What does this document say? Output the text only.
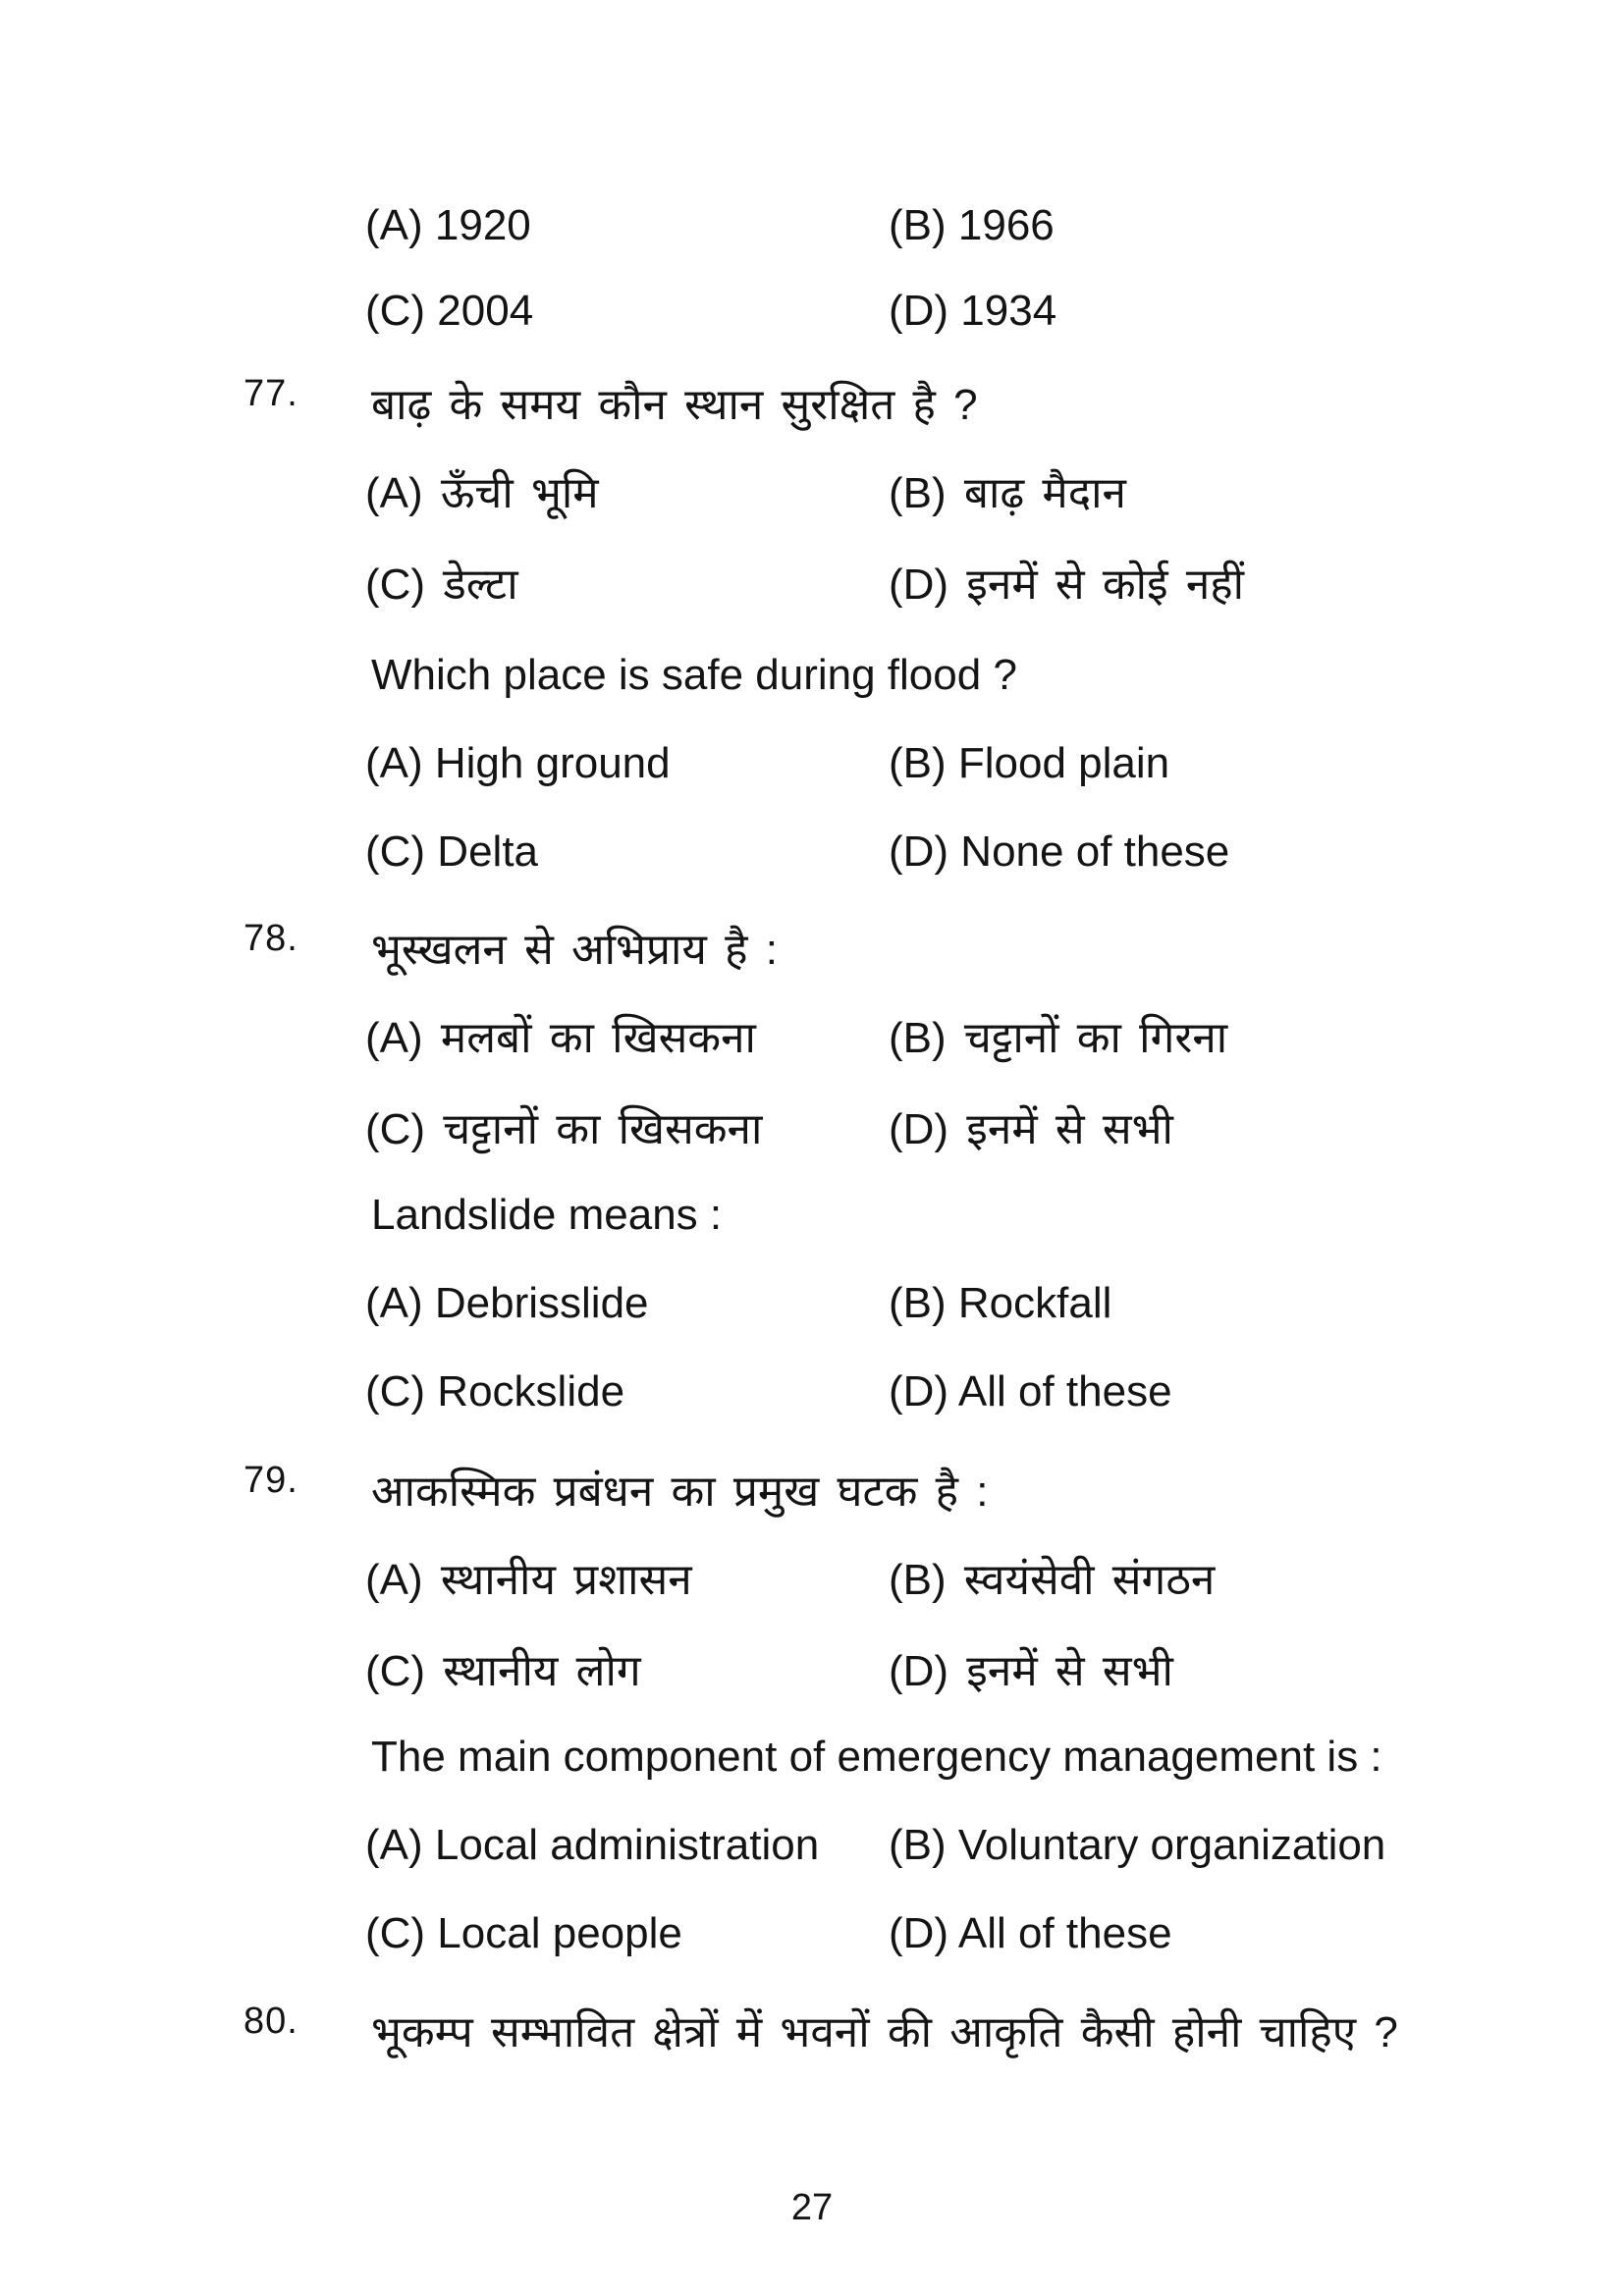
(A) 1920	(B) 1966
(C) 2004	(D) 1934
77. बाढ़ के समय कौन स्थान सुरक्षित है ?
(A) ऊँची भूमि	(B) बाढ़ मैदान
(C) डेल्टा	(D) इनमें से कोई नहीं
Which place is safe during flood ?
(A) High ground	(B) Flood plain
(C) Delta	(D) None of these
78. भूस्खलन से अभिप्राय है :
(A) मलबों का खिसकना	(B) चट्टानों का गिरना
(C) चट्टानों का खिसकना	(D) इनमें से सभी
Landslide means :
(A) Debrisslide	(B) Rockfall
(C) Rockslide	(D) All of these
79. आकस्मिक प्रबंधन का प्रमुख घटक है :
(A) स्थानीय प्रशासन	(B) स्वयंसेवी संगठन
(C) स्थानीय लोग	(D) इनमें से सभी
The main component of emergency management is :
(A) Local administration (B) Voluntary organization
(C) Local people	(D) All of these
80. भूकम्प सम्भावित क्षेत्रों में भवनों की आकृति कैसी होनी चाहिए ?
27
